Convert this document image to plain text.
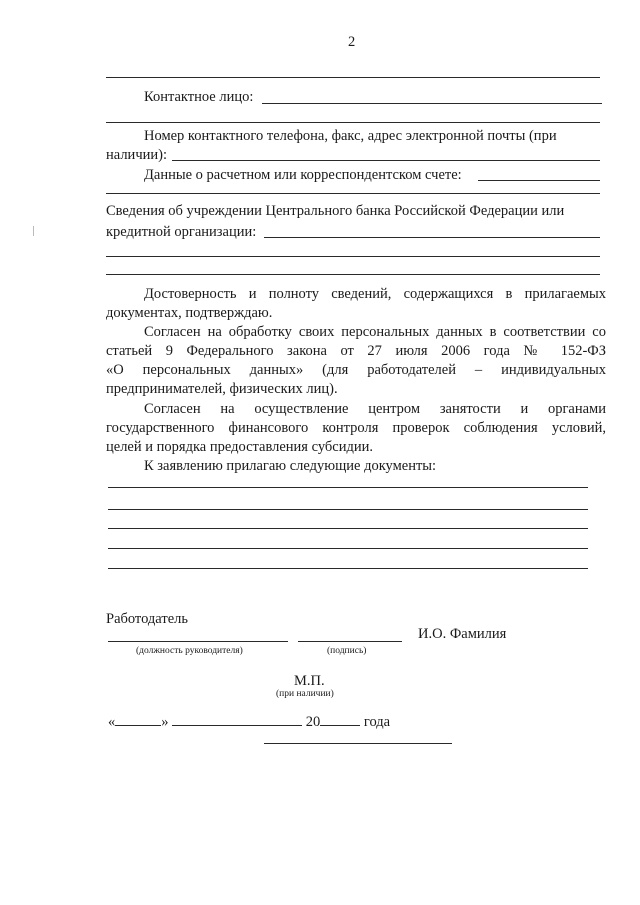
2
Контактное лицо:
Номер контактного телефона, факс, адрес электронной почты (при
наличии):
Данные о расчетном или корреспондентском счете:
Сведения об учреждении Центрального банка Российской Федерации или
кредитной организации:
Достоверность и полноту сведений, содержащихся в прилагаемых
документах, подтверждаю.
Согласен на обработку своих персональных данных в соответствии со
статьей 9 Федерального закона от 27 июля 2006 года № 152-ФЗ
«О персональных данных» (для работодателей – индивидуальных
предпринимателей, физических лиц).
Согласен на осуществление центром занятости и органами
государственного финансового контроля проверок соблюдения условий,
целей и порядка предоставления субсидии.
К заявлению прилагаю следующие документы:
Работодатель
И.О. Фамилия
(должность руководителя)	(подпись)
М.П.
(при наличии)
«	»	20	года
